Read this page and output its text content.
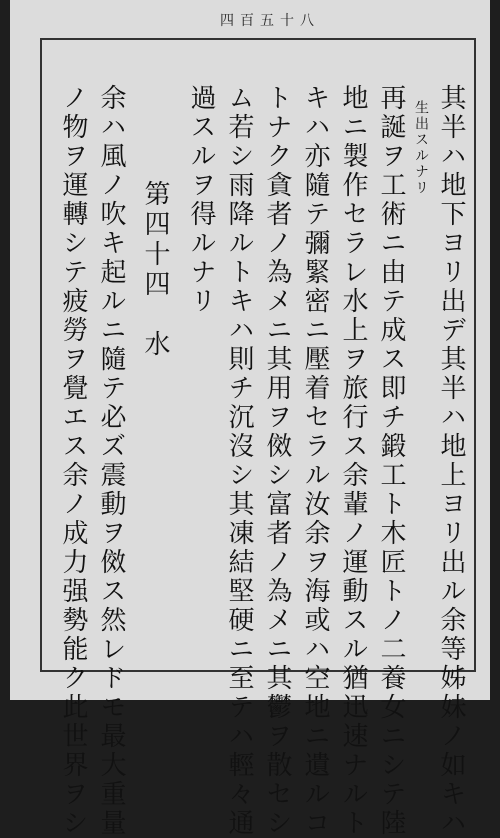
四百五十八
其半ハ地下ヨリ出デ其半ハ地上ヨリ出ル余等姊妹ノ如キハ
生出スルナリ
再誕ヲ工術ニ由テ成ス即チ鍛工ト木匠トノ二養女ニシテ陸
地ニ製作セラレ水上ヲ旅行ス余輩ノ運動スル猶迅速ナルト
キハ亦隨テ彌緊密ニ壓着セラル汝余ヲ海或ハ空地ニ遺ルコ
トナク貪者ノ為メニ其用ヲ傚シ富者ノ為メニ其鬱ヲ散セシ
ム若シ雨降ルトキハ則チ沉沒シ其凍結堅硬ニ至テハ輕々通
過スルヲ得ルナリ
第四十四　水
余ハ風ノ吹キ起ルニ隨テ必ズ震動ヲ傚ス然レドモ最大重量
ノ物ヲ運轉シテ疲勞ヲ覺エス余ノ成力强勢能ク此世界ヲシ
